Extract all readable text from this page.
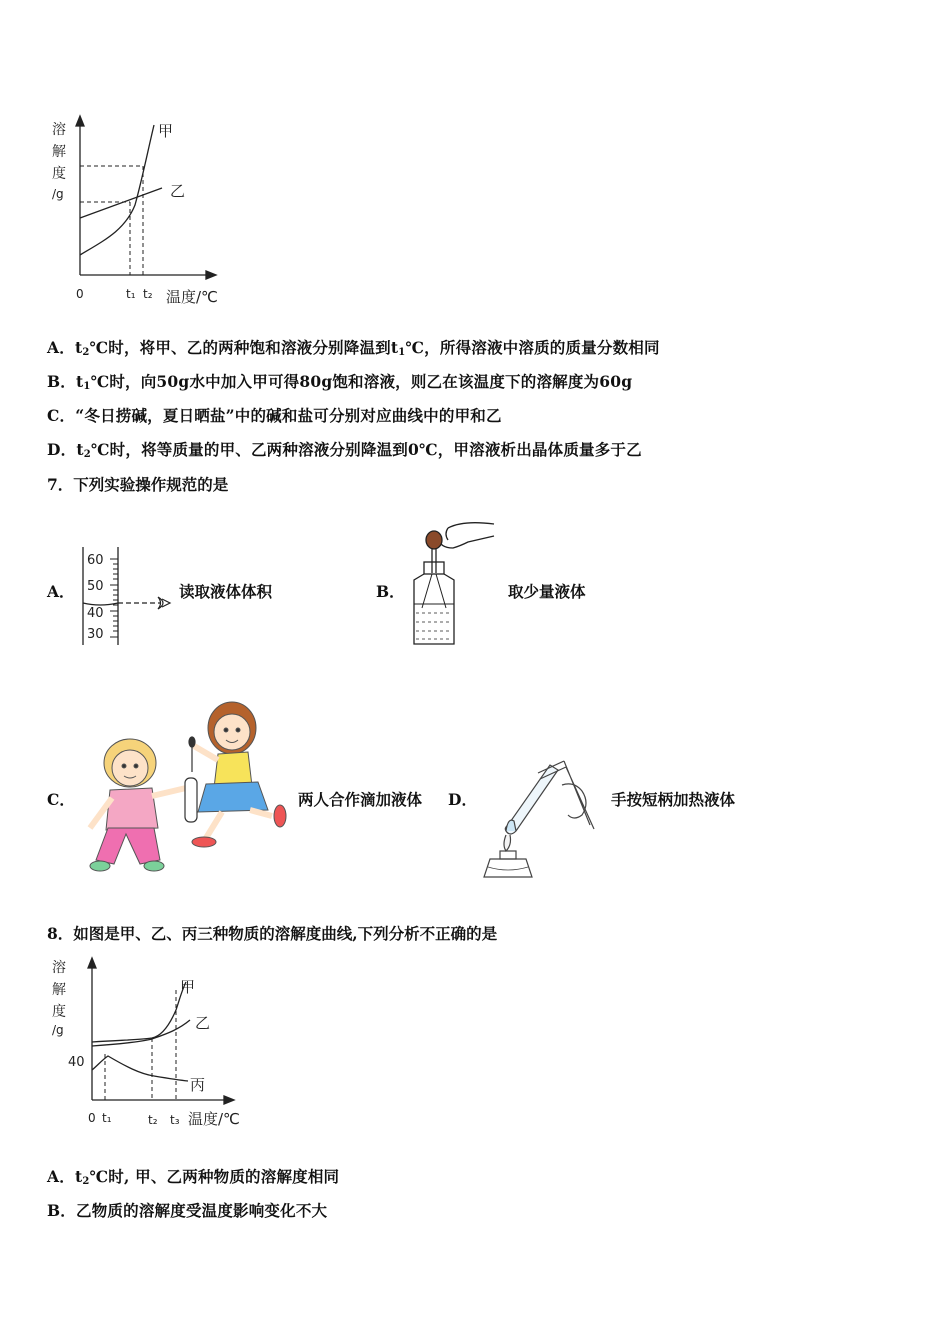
溶
解
度
/g
0	t₁ t₂ 温度/℃
甲
乙
A．$t_2℃$时，将甲、乙的两种饱和溶液分别降温到$t_1℃$，所得溶液中溶质的质量分数相同
B．$t_1℃$时，向50g水中加入甲可得80g饱和溶液，则乙在该温度下的溶解度为60g
C．“冬日捞碱，夏日晒盐”中的碱和盐可分别对应曲线中的甲和乙
D．$t_2℃$时，将等质量的甲、乙两种溶液分别降温到0℃，甲溶液析出晶体质量多于乙
7．下列实验操作规范的是
A．
60
50
40
30
读取液体体积	B．	取少量液体
C．	两人合作滴加液体 D．	手按短柄加热液体
8．如图是甲、乙、丙三种物质的溶解度曲线,下列分析不正确的是
溶
解
度
/g
40
0 t₁	t₂ t₃ 温度/℃
甲
乙
丙
A．$t_2℃$时, 甲、乙两种物质的溶解度相同
B．乙物质的溶解度受温度影响变化不大
